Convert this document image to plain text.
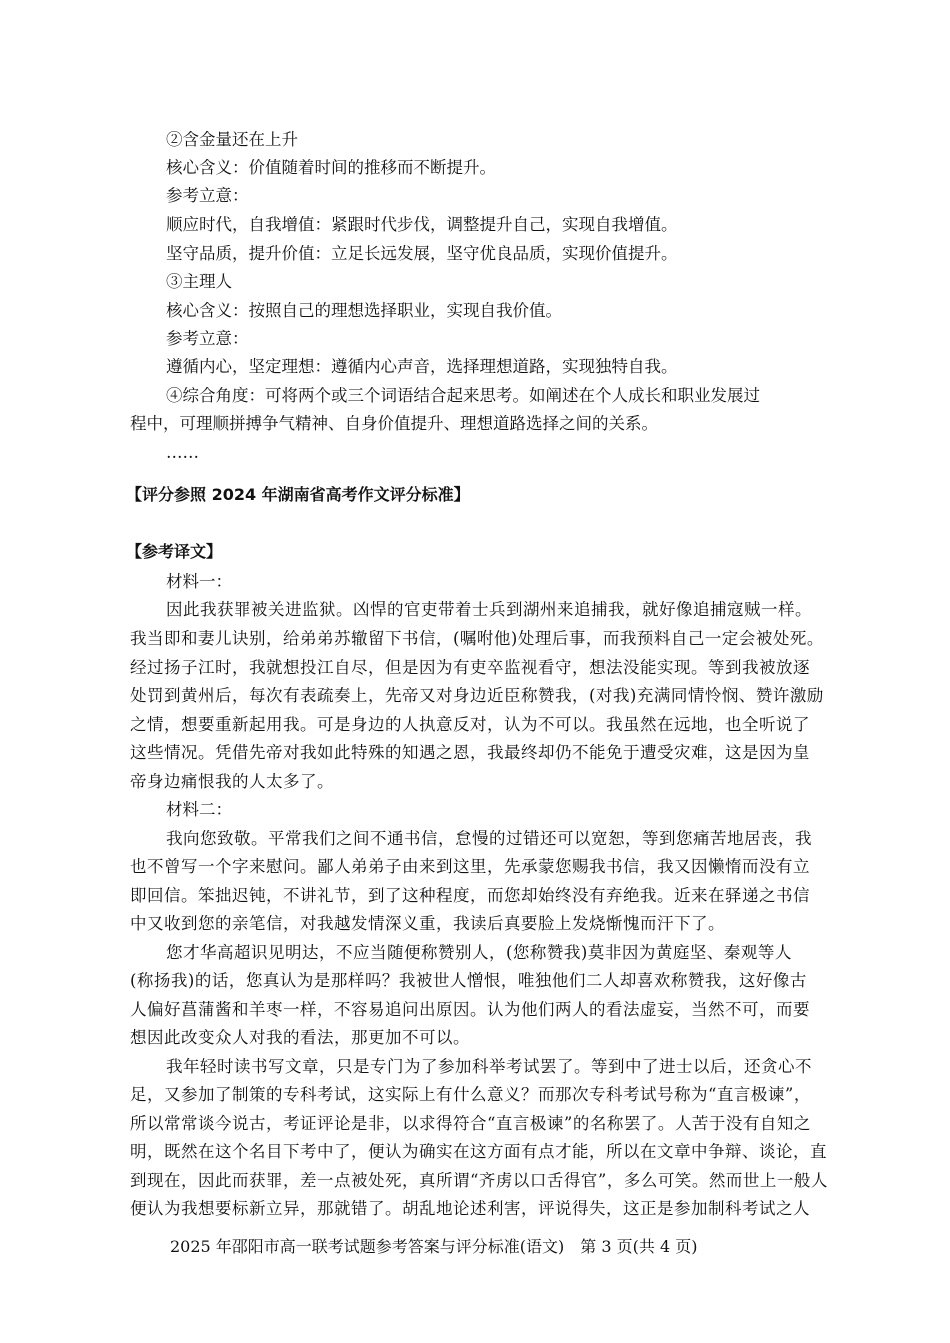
②含金量还在上升
核心含义：价值随着时间的推移而不断提升。
参考立意：
顺应时代，自我增值：紧跟时代步伐，调整提升自己，实现自我增值。
坚守品质，提升价值：立足长远发展，坚守优良品质，实现价值提升。
③主理人
核心含义：按照自己的理想选择职业，实现自我价值。
参考立意：
遵循内心，坚定理想：遵循内心声音，选择理想道路，实现独特自我。
④综合角度：可将两个或三个词语结合起来思考。如阐述在个人成长和职业发展过
程中，可理顺拼搏争气精神、自身价值提升、理想道路选择之间的关系。
……
【评分参照 2024 年湖南省高考作文评分标准】
【参考译文】
材料一：
因此我获罪被关进监狱。凶悍的官吏带着士兵到湖州来追捕我，就好像追捕寇贼一样。
我当即和妻儿诀别，给弟弟苏辙留下书信，(嘱咐他)处理后事，而我预料自己一定会被处死。
经过扬子江时，我就想投江自尽，但是因为有吏卒监视看守，想法没能实现。等到我被放逐
处罚到黄州后，每次有表疏奏上，先帝又对身边近臣称赞我，(对我)充满同情怜悯、赞许激励
之情，想要重新起用我。可是身边的人执意反对，认为不可以。我虽然在远地，也全听说了
这些情况。凭借先帝对我如此特殊的知遇之恩，我最终却仍不能免于遭受灾难，这是因为皇
帝身边痛恨我的人太多了。
材料二：
我向您致敬。平常我们之间不通书信，怠慢的过错还可以宽恕，等到您痛苦地居丧，我
也不曾写一个字来慰问。鄙人弟弟子由来到这里，先承蒙您赐我书信，我又因懒惰而没有立
即回信。笨拙迟钝，不讲礼节，到了这种程度，而您却始终没有弃绝我。近来在驿递之书信
中又收到您的亲笔信，对我越发情深义重，我读后真要脸上发烧惭愧而汗下了。
您才华高超识见明达，不应当随便称赞别人，(您称赞我)莫非因为黄庭坚、秦观等人
(称扬我)的话，您真认为是那样吗？我被世人憎恨，唯独他们二人却喜欢称赞我，这好像古
人偏好菖蒲酱和羊枣一样，不容易追问出原因。认为他们两人的看法虚妄，当然不可，而要
想因此改变众人对我的看法，那更加不可以。
我年轻时读书写文章，只是专门为了参加科举考试罢了。等到中了进士以后，还贪心不
足，又参加了制策的专科考试，这实际上有什么意义？而那次专科考试号称为“直言极谏”，
所以常常谈今说古，考证评论是非，以求得符合“直言极谏”的名称罢了。人苦于没有自知之
明，既然在这个名目下考中了，便认为确实在这方面有点才能，所以在文章中争辩、谈论，直
到现在，因此而获罪，差一点被处死，真所谓“齐虏以口舌得官”，多么可笑。然而世上一般人
便认为我想要标新立异，那就错了。胡乱地论述利害，评说得失，这正是参加制科考试之人
2025 年邵阳市高一联考试题参考答案与评分标准(语文)　第 3 页(共 4 页)
